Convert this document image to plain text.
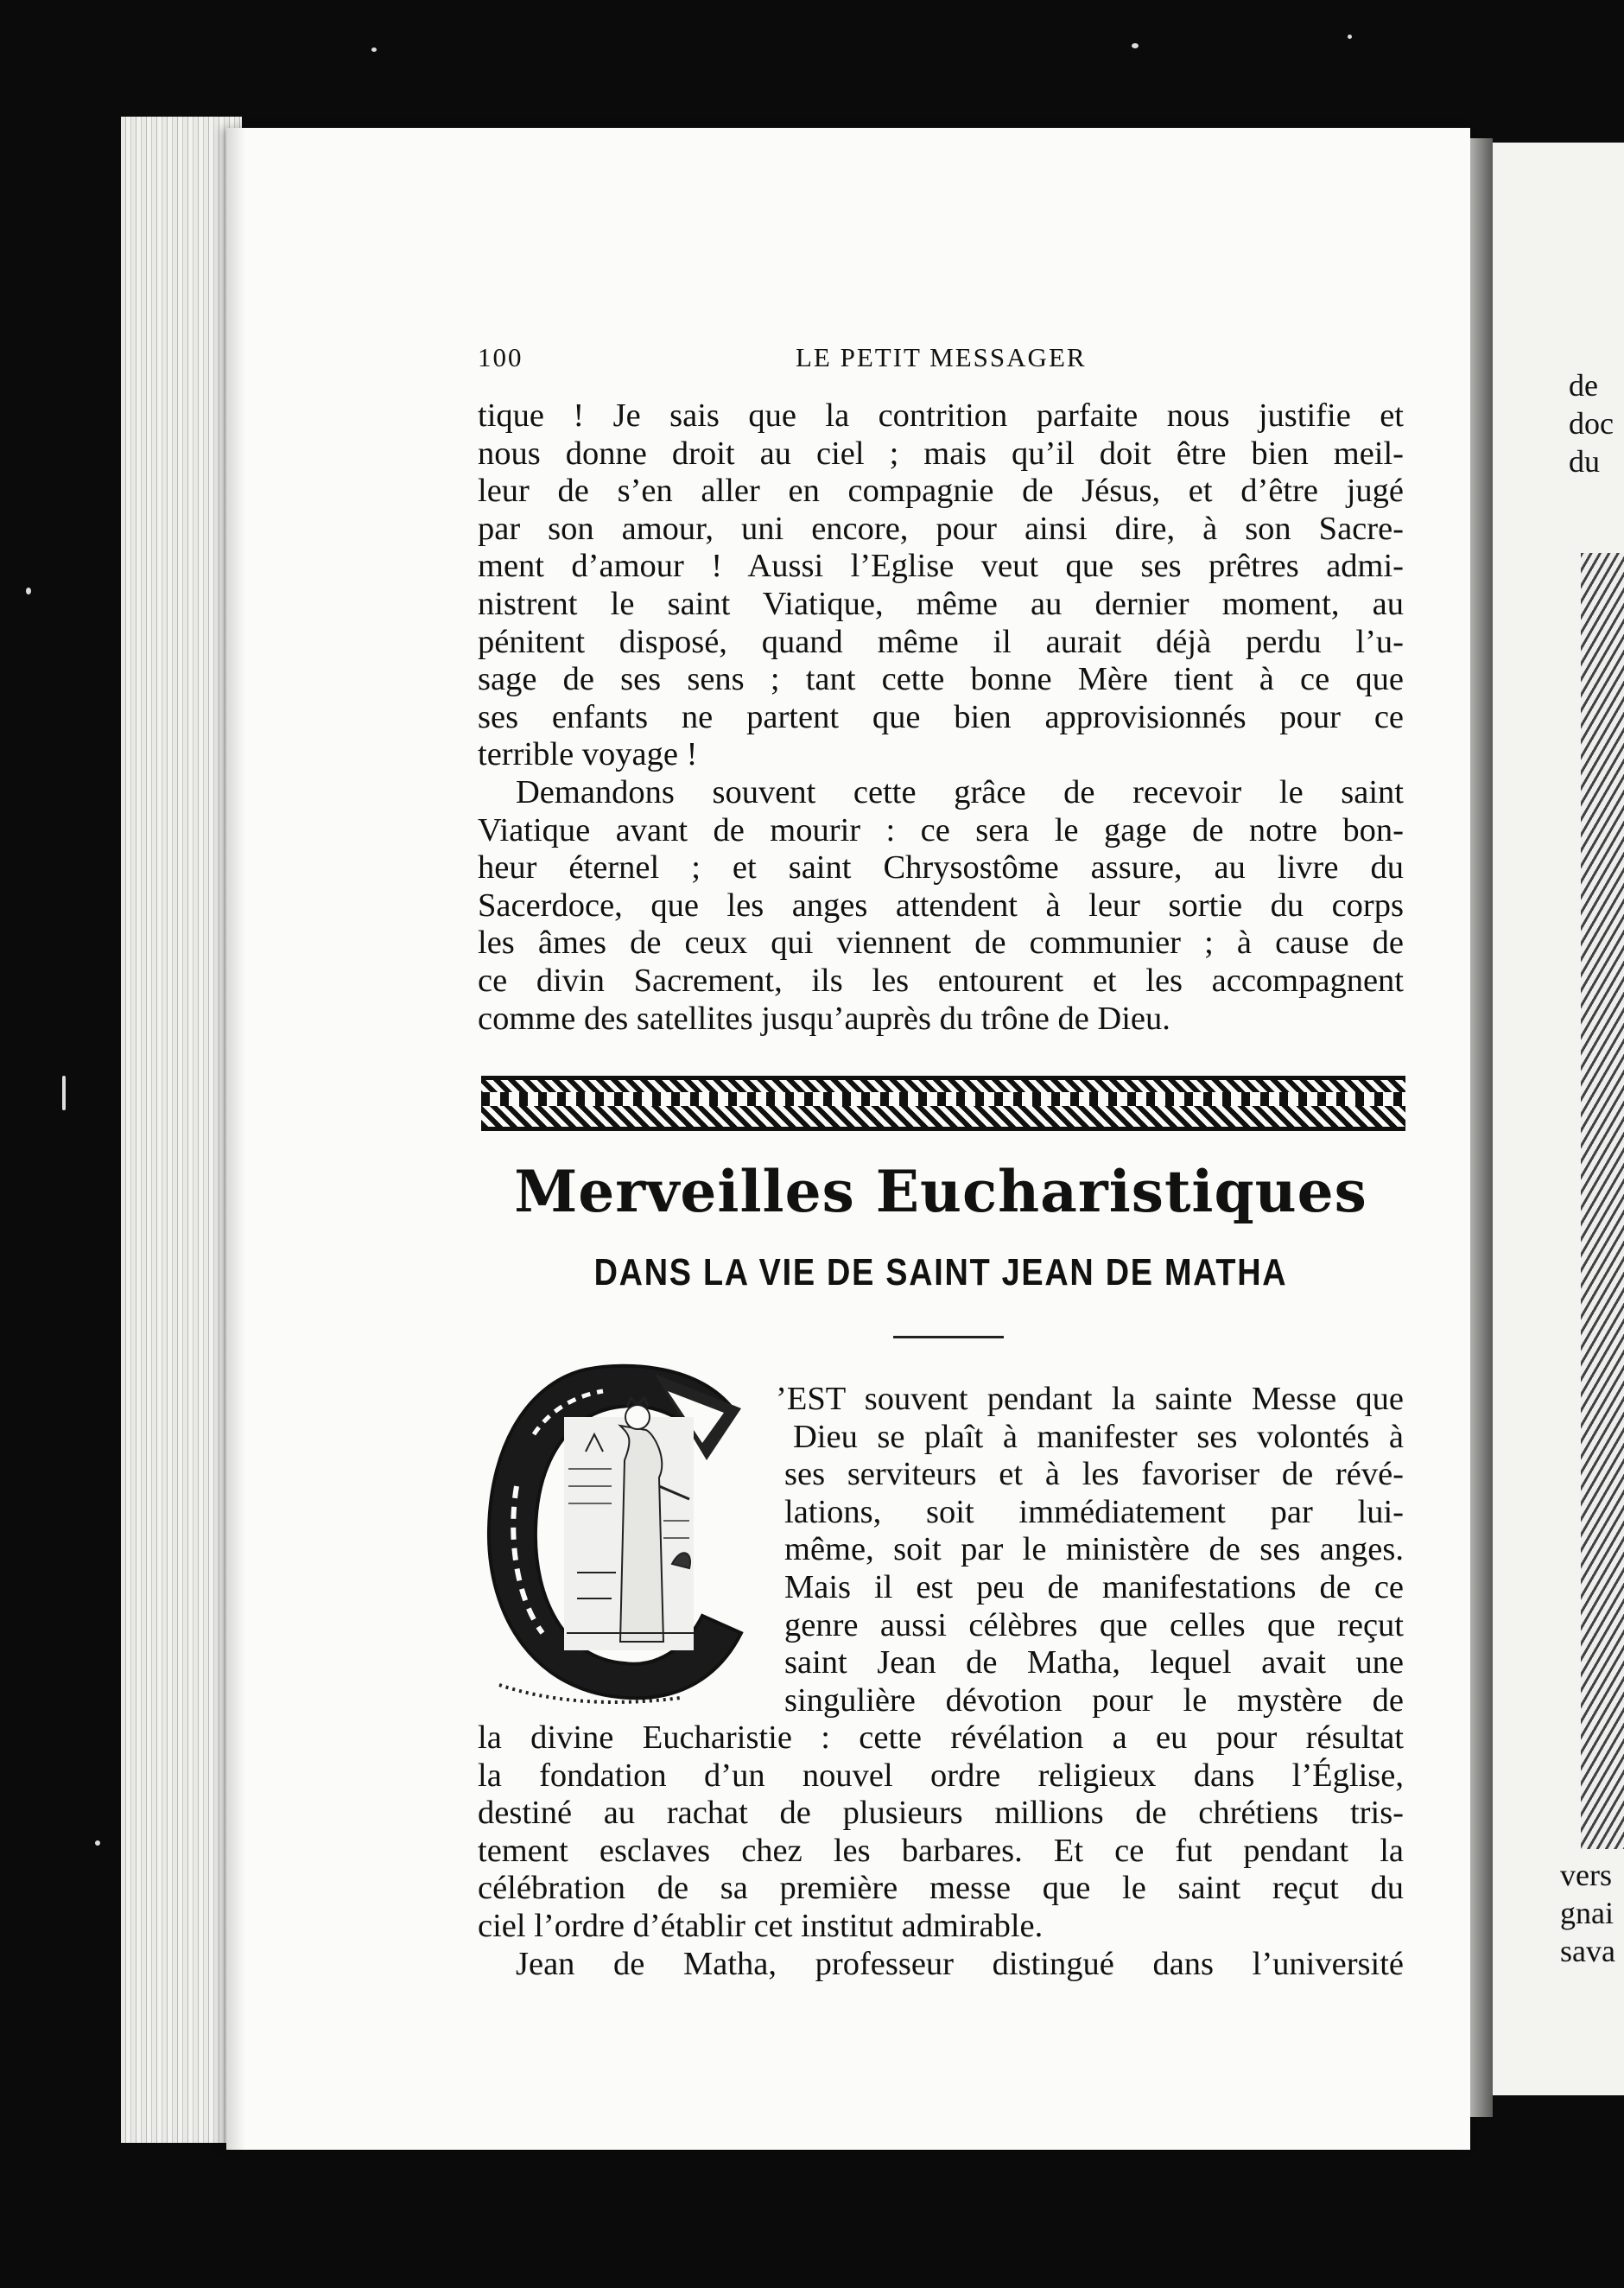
de
doc
du
vers
gnai
sava
100	LE PETIT MESSAGER
tique ! Je sais que la contrition parfaite nous justifie et
nous donne droit au ciel ; mais qu’il doit être bien meil-
leur de s’en aller en compagnie de Jésus, et d’être jugé
par son amour, uni encore, pour ainsi dire, à son Sacre-
ment d’amour ! Aussi l’Eglise veut que ses prêtres admi-
nistrent le saint Viatique, même au dernier moment, au
pénitent disposé, quand même il aurait déjà perdu l’u-
sage de ses sens ; tant cette bonne Mère tient à ce que
ses enfants ne partent que bien approvisionnés pour ce
terrible voyage !
Demandons souvent cette grâce de recevoir le saint
Viatique avant de mourir : ce sera le gage de notre bon-
heur éternel ; et saint Chrysostôme assure, au livre du
Sacerdoce, que les anges attendent à leur sortie du corps
les âmes de ceux qui viennent de communier ; à cause de
ce divin Sacrement, ils les entourent et les accompagnent
comme des satellites jusqu’auprès du trône de Dieu.
Merveilles Eucharistiques
DANS LA VIE DE SAINT JEAN DE MATHA
C
’EST souvent pendant la sainte Messe que
Dieu se plaît à manifester ses volontés à
ses serviteurs et à les favoriser de révé-
lations, soit immédiatement par lui-
même, soit par le ministère de ses anges.
Mais il est peu de manifestations de ce
genre aussi célèbres que celles que reçut
saint Jean de Matha, lequel avait une
singulière dévotion pour le mystère de
la divine Eucharistie : cette révélation a eu pour résultat
la fondation d’un nouvel ordre religieux dans l’Église,
destiné au rachat de plusieurs millions de chrétiens tris-
tement esclaves chez les barbares. Et ce fut pendant la
célébration de sa première messe que le saint reçut du
ciel l’ordre d’établir cet institut admirable.
Jean de Matha, professeur distingué dans l’université
